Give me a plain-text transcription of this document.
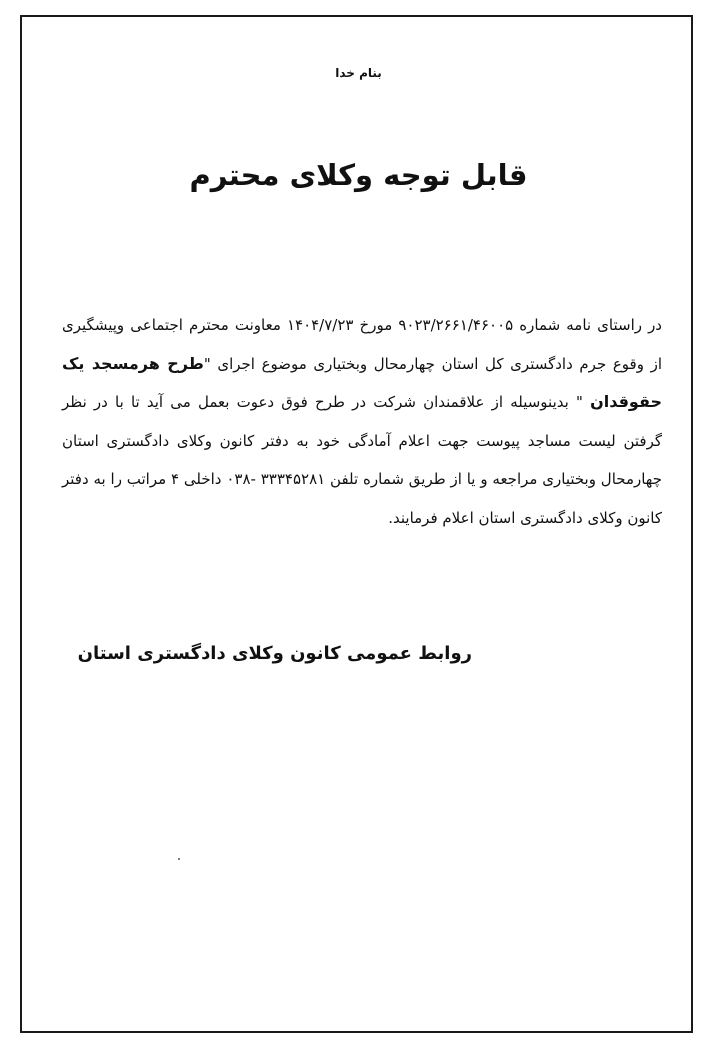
بنام خدا
قابل توجه وکلای محترم

در راستای نامه شماره ۹۰۲۳/۲۶۶۱/۴۶۰۰۵ مورخ ۱۴۰۴/۷/۲۳ معاونت محترم اجتماعی وپیشگیری از وقوع جرم دادگستری کل استان چهارمحال وبختیاری موضوع اجرای "طرح هرمسجد یک حقوقدان " بدینوسیله از علاقمندان شرکت در طرح فوق دعوت بعمل می آید تا با در نظر گرفتن لیست مساجد پیوست جهت اعلام آمادگی خود به دفتر کانون وکلای دادگستری استان چهارمحال وبختیاری مراجعه و یا از طریق شماره تلفن ۳۳۳۴۵۲۸۱ -۰۳۸ داخلی ۴ مراتب را به دفتر کانون وکلای دادگستری استان اعلام فرمایند.

روابط عمومی کانون وکلای دادگستری استان
